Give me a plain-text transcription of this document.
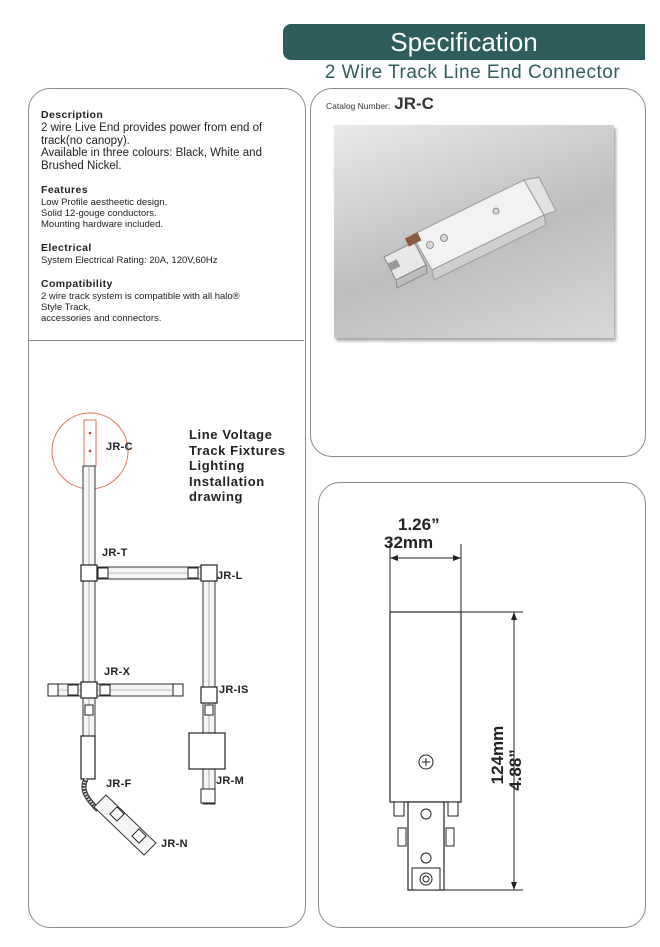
Specification
2 Wire Track Line End Connector
Description

2 wire Live End provides power from end of

track(no canopy).

Available in three colours: Black, White and

Brushed Nickel.

Features

Low Profile aestheetic design.

Solid 12-gouge conductors.

Mounting hardware included.

Electrical

System Electrical Rating: 20A, 120V,60Hz

Compatibility

2 wire track system is compatible with all halo®

Style Track,

accessories and connectors.

Catalog Number: JR-C
Line Voltage
Track Fixtures
Lighting
Installation
drawing
JR-C
JR-T
JR-L
JR-X
JR-IS
JR-M
JR-F
JR-N
1.26”
32mm
4.88”
124mm
